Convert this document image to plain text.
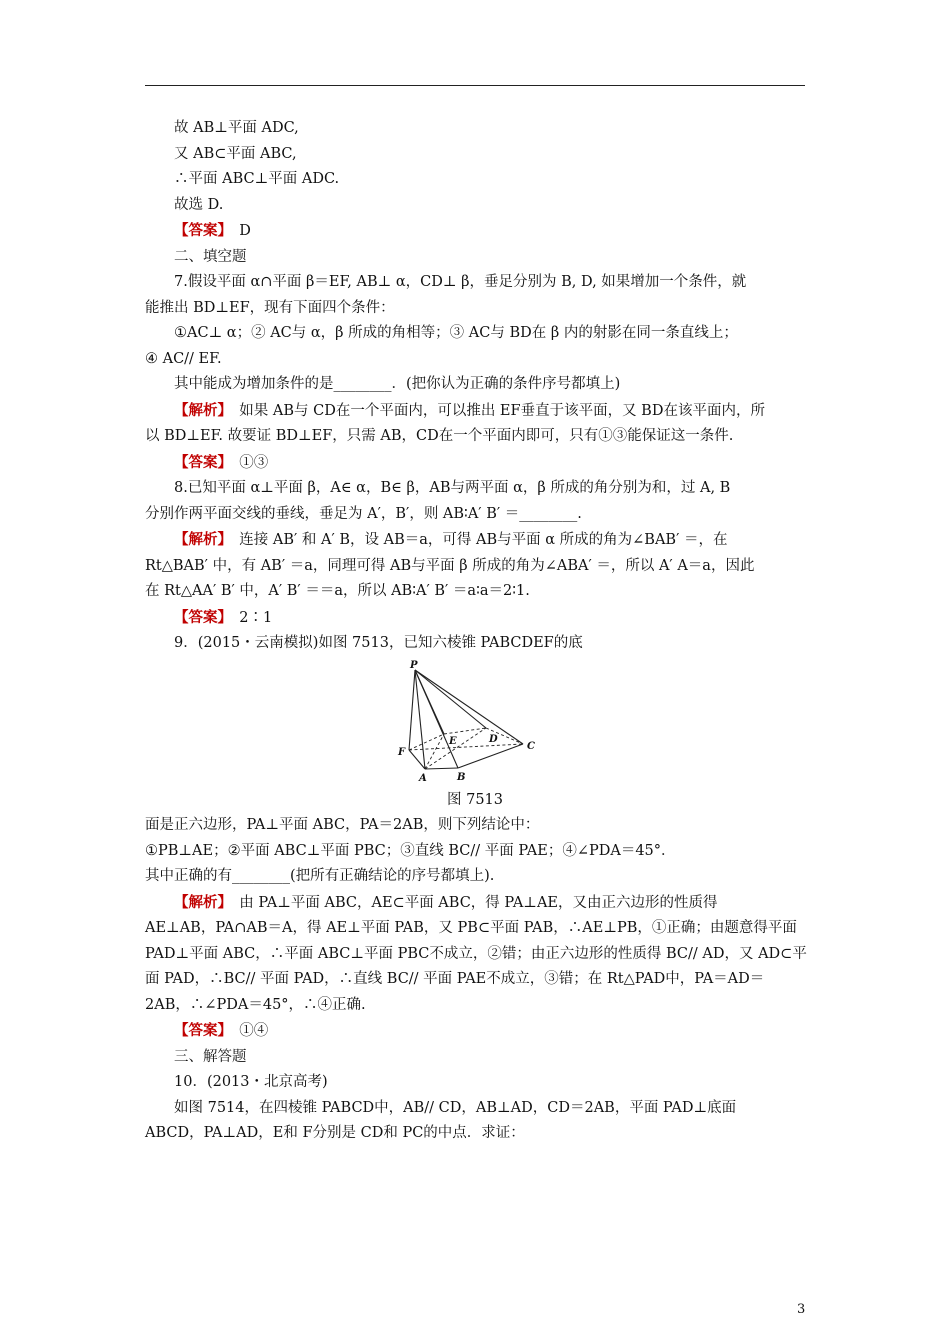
故 AB⊥平面 ADC,
又 AB⊂平面 ABC,
∴平面 ABC⊥平面 ADC.
故选 D.
【答案】　D
二、填空题
7.假设平面 α∩平面 β＝EF, AB⊥ α，CD⊥ β，垂足分别为 B, D, 如果增加一个条件，就
能推出 BD⊥EF，现有下面四个条件：
①AC⊥ α；② AC与 α，β 所成的角相等；③ AC与 BD在 β 内的射影在同一条直线上；
④ AC// EF.
其中能成为增加条件的是________．(把你认为正确的条件序号都填上)
【解析】　如果 AB与 CD在一个平面内，可以推出 EF垂直于该平面，又 BD在该平面内，所
以 BD⊥EF. 故要证 BD⊥EF，只需 AB，CD在一个平面内即可，只有①③能保证这一条件.
【答案】　①③
8.已知平面 α⊥平面 β，A∈ α，B∈ β，AB与两平面 α，β 所成的角分别为和，过 A, B
分别作两平面交线的垂线，垂足为 A′，B′，则 AB∶A′ B′ ＝________.
【解析】　连接 AB′ 和 A′ B，设 AB＝a，可得 AB与平面 α 所成的角为∠BAB′ ＝，在
Rt△BAB′ 中，有 AB′ ＝a，同理可得 AB与平面 β 所成的角为∠ABA′ ＝，所以 A′ A＝a，因此
在 Rt△AA′ B′ 中，A′ B′ ＝＝a，所以 AB∶A′ B′ ＝a∶a＝2∶1.
【答案】　2∶1
9．(2015・云南模拟)如图 7513，已知六棱锥 PABCDEF的底
P
E	D
C
F
A	B
图 7513
面是正六边形，PA⊥平面 ABC，PA＝2AB，则下列结论中：
①PB⊥AE；②平面 ABC⊥平面 PBC；③直线 BC// 平面 PAE；④∠PDA＝45°．
其中正确的有________(把所有正确结论的序号都填上).
【解析】　由 PA⊥平面 ABC，AE⊂平面 ABC，得 PA⊥AE，又由正六边形的性质得
AE⊥AB，PA∩AB＝A，得 AE⊥平面 PAB，又 PB⊂平面 PAB，∴AE⊥PB，①正确；由题意得平面
PAD⊥平面 ABC，∴平面 ABC⊥平面 PBC不成立，②错；由正六边形的性质得 BC// AD，又 AD⊂平
面 PAD，∴BC// 平面 PAD，∴直线 BC// 平面 PAE不成立，③错；在 Rt△PAD中，PA＝AD＝
2AB，∴∠PDA＝45°，∴④正确.
【答案】　①④
三、解答题
10．(2013・北京高考)
如图 7514，在四棱锥 PABCD中，AB// CD，AB⊥AD，CD＝2AB，平面 PAD⊥底面
ABCD，PA⊥AD，E和 F分别是 CD和 PC的中点．求证：
3
